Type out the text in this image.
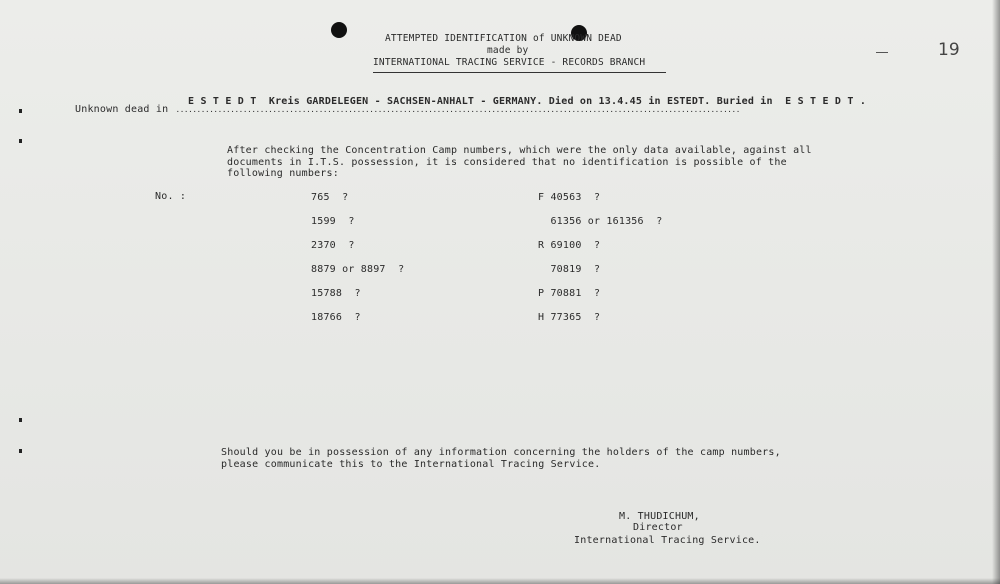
ATTEMPTED IDENTIFICATION of UNKNOWN DEAD
made by
INTERNATIONAL TRACING SERVICE - RECORDS BRANCH
19
Unknown dead in
E S T E D T  Kreis GARDELEGEN - SACHSEN-ANHALT - GERMANY. Died on 13.4.45 in ESTEDT. Buried in  E S T E D T .
......................................................................................................................................
After checking the Concentration Camp numbers, which were the only data available, against all
documents in I.T.S. possession, it is considered that no identification is possible of the
following numbers:
No. :	765  ?
1599  ?
2370  ?
8879 or 8897  ?
15788  ?
18766  ?
F 40563  ?
61356 or 161356  ?
R 69100  ?
70819  ?
P 70881  ?
H 77365  ?
Should you be in possession of any information concerning the holders of the camp numbers,
please communicate this to the International Tracing Service.
M. THUDICHUM,
Director
International Tracing Service.
